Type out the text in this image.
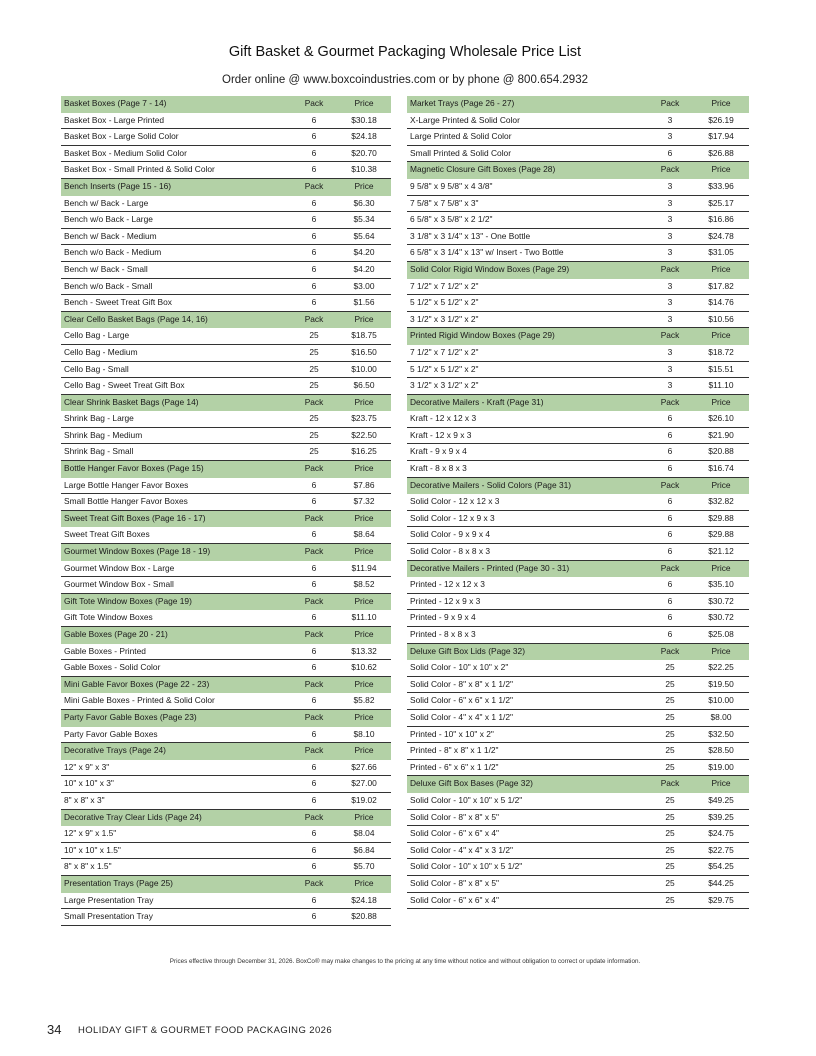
Gift Basket & Gourmet Packaging Wholesale Price List
Order online @ www.boxcoindustries.com or by phone @ 800.654.2932
Basket Boxes (Page 7 - 14)	Pack	Price
Basket Box - Large Printed	6	$30.18
Basket Box - Large Solid Color	6	$24.18
Basket Box - Medium Solid Color	6	$20.70
Basket Box - Small Printed & Solid Color	6	$10.38
Bench Inserts (Page 15 - 16)	Pack	Price
Bench w/ Back - Large	6	$6.30
Bench w/o Back - Large	6	$5.34
Bench w/ Back - Medium	6	$5.64
Bench w/o Back - Medium	6	$4.20
Bench w/ Back - Small	6	$4.20
Bench w/o Back - Small	6	$3.00
Bench - Sweet Treat Gift Box	6	$1.56
Clear Cello Basket Bags (Page 14, 16)	Pack	Price
Cello Bag - Large	25	$18.75
Cello Bag - Medium	25	$16.50
Cello Bag - Small	25	$10.00
Cello Bag - Sweet Treat Gift Box	25	$6.50
Clear Shrink Basket Bags (Page 14)	Pack	Price
Shrink Bag - Large	25	$23.75
Shrink Bag - Medium	25	$22.50
Shrink Bag - Small	25	$16.25
Bottle Hanger Favor Boxes (Page 15)	Pack	Price
Large Bottle Hanger Favor Boxes	6	$7.86
Small Bottle Hanger Favor Boxes	6	$7.32
Sweet Treat Gift Boxes (Page 16 - 17)	Pack	Price
Sweet Treat Gift Boxes	6	$8.64
Gourmet Window Boxes (Page 18 - 19)	Pack	Price
Gourmet Window Box - Large	6	$11.94
Gourmet Window Box - Small	6	$8.52
Gift Tote Window Boxes (Page 19)	Pack	Price
Gift Tote Window Boxes	6	$11.10
Gable Boxes (Page 20 - 21)	Pack	Price
Gable Boxes - Printed	6	$13.32
Gable Boxes - Solid Color	6	$10.62
Mini Gable Favor Boxes (Page 22 - 23)	Pack	Price
Mini Gable Boxes - Printed & Solid Color	6	$5.82
Party Favor Gable Boxes (Page 23)	Pack	Price
Party Favor Gable Boxes	6	$8.10
Decorative Trays (Page 24)	Pack	Price
12" x 9" x 3"	6	$27.66
10" x 10" x 3"	6	$27.00
8" x 8" x 3"	6	$19.02
Decorative Tray Clear Lids (Page 24)	Pack	Price
12" x 9" x 1.5"	6	$8.04
10" x 10" x 1.5"	6	$6.84
8" x 8" x 1.5"	6	$5.70
Presentation Trays (Page 25)	Pack	Price
Large Presentation Tray	6	$24.18
Small Presentation Tray	6	$20.88
Market Trays (Page 26 - 27)	Pack	Price
X-Large Printed & Solid Color	3	$26.19
Large Printed & Solid Color	3	$17.94
Small Printed & Solid Color	6	$26.88
Magnetic Closure Gift Boxes (Page 28)	Pack	Price
9 5/8" x 9 5/8" x 4 3/8"	3	$33.96
7 5/8" x 7 5/8" x 3"	3	$25.17
6 5/8" x 3 5/8" x 2 1/2"	3	$16.86
3 1/8" x 3 1/4" x 13" - One Bottle	3	$24.78
6 5/8" x 3 1/4" x 13" w/ Insert - Two Bottle	3	$31.05
Solid Color Rigid Window Boxes (Page 29)	Pack	Price
7 1/2" x 7 1/2" x 2"	3	$17.82
5 1/2" x 5 1/2" x 2"	3	$14.76
3 1/2" x 3 1/2" x 2"	3	$10.56
Printed Rigid Window Boxes (Page 29)	Pack	Price
7 1/2" x 7 1/2" x 2"	3	$18.72
5 1/2" x 5 1/2" x 2"	3	$15.51
3 1/2" x 3 1/2" x 2"	3	$11.10
Decorative Mailers - Kraft (Page 31)	Pack	Price
Kraft - 12 x 12 x 3	6	$26.10
Kraft - 12 x 9 x 3	6	$21.90
Kraft - 9 x 9 x 4	6	$20.88
Kraft - 8 x 8 x 3	6	$16.74
Decorative Mailers - Solid Colors (Page 31)	Pack	Price
Solid Color - 12 x 12 x 3	6	$32.82
Solid Color - 12 x 9 x 3	6	$29.88
Solid Color - 9 x 9 x 4	6	$29.88
Solid Color - 8 x 8 x 3	6	$21.12
Decorative Mailers - Printed (Page 30 - 31)	Pack	Price
Printed - 12 x 12 x 3	6	$35.10
Printed - 12 x 9 x 3	6	$30.72
Printed - 9 x 9 x 4	6	$30.72
Printed - 8 x 8 x 3	6	$25.08
Deluxe Gift Box Lids (Page 32)	Pack	Price
Solid Color - 10" x 10" x 2"	25	$22.25
Solid Color - 8" x 8" x 1 1/2"	25	$19.50
Solid Color - 6" x 6" x 1 1/2"	25	$10.00
Solid Color - 4" x 4" x 1 1/2"	25	$8.00
Printed - 10" x 10" x 2"	25	$32.50
Printed - 8" x 8" x 1 1/2"	25	$28.50
Printed - 6" x 6" x 1 1/2"	25	$19.00
Deluxe Gift Box Bases (Page 32)	Pack	Price
Solid Color - 10" x 10" x 5 1/2"	25	$49.25
Solid Color - 8" x 8" x 5"	25	$39.25
Solid Color - 6" x 6" x 4"	25	$24.75
Solid Color - 4" x 4" x 3 1/2"	25	$22.75
Solid Color - 10" x 10" x 5 1/2"	25	$54.25
Solid Color - 8" x 8" x 5"	25	$44.25
Solid Color - 6" x 6" x 4"	25	$29.75
Prices effective through December 31, 2026. BoxCo® may make changes to the pricing at any time without notice and without obligation to correct or update information.
34 HOLIDAY GIFT & GOURMET FOOD PACKAGING 2026
